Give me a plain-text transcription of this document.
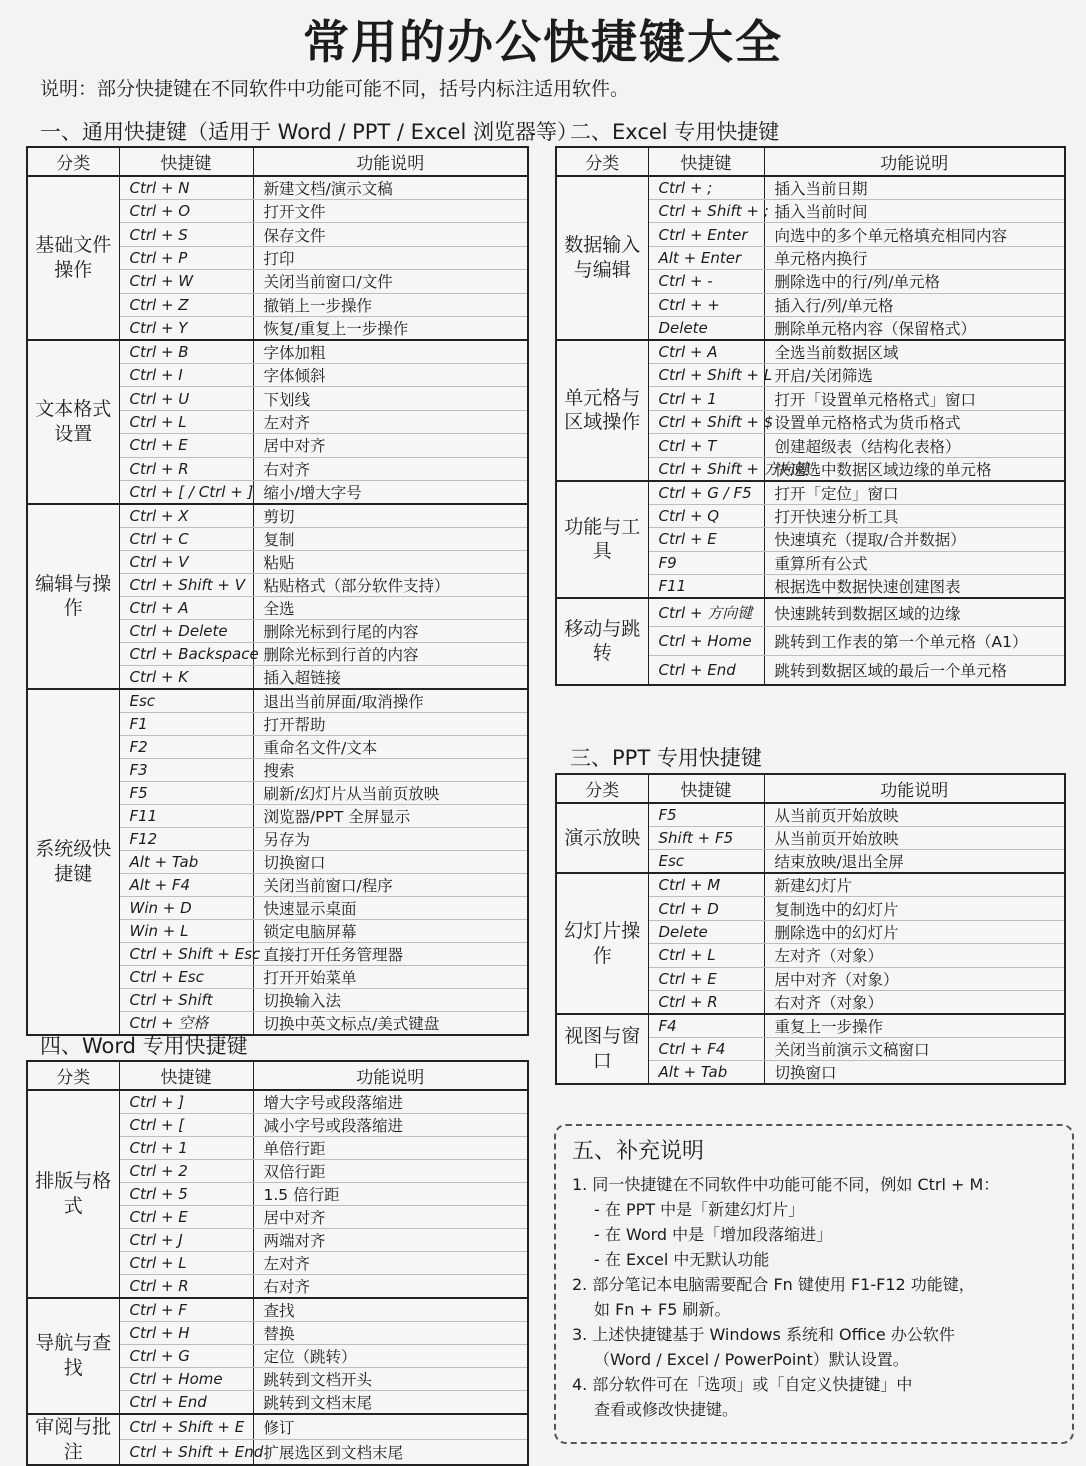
常用的办公快捷键大全
说明：部分快捷键在不同软件中功能可能不同，括号内标注适用软件。
一、通用快捷键（适用于 Word / PPT / Excel 浏览器等）
分类	快捷键	功能说明
基础文件操作	Ctrl + N	新建文档/演示文稿
	Ctrl + O	打开文件
	Ctrl + S	保存文件
	Ctrl + P	打印
	Ctrl + W	关闭当前窗口/文件
	Ctrl + Z	撤销上一步操作
	Ctrl + Y	恢复/重复上一步操作
文本格式设置	Ctrl + B	字体加粗
	Ctrl + I	字体倾斜
	Ctrl + U	下划线
	Ctrl + L	左对齐
	Ctrl + E	居中对齐
	Ctrl + R	右对齐
	Ctrl + [ / Ctrl + ]	缩小/增大字号
编辑与操作	Ctrl + X	剪切
	Ctrl + C	复制
	Ctrl + V	粘贴
	Ctrl + Shift + V	粘贴格式（部分软件支持）
	Ctrl + A	全选
	Ctrl + Delete	删除光标到行尾的内容
	Ctrl + Backspace	删除光标到行首的内容
	Ctrl + K	插入超链接
系统级快捷键	Esc	退出当前屏面/取消操作
	F1	打开帮助
	F2	重命名文件/文本
	F3	搜索
	F5	刷新/幻灯片从当前页放映
	F11	浏览器/PPT 全屏显示
	F12	另存为
	Alt + Tab	切换窗口
	Alt + F4	关闭当前窗口/程序
	Win + D	快速显示桌面
	Win + L	锁定电脑屏幕
	Ctrl + Shift + Esc	直接打开任务管理器
	Ctrl + Esc	打开开始菜单
	Ctrl + Shift	切换输入法
	Ctrl + 空格	切换中英文标点/美式键盘
二、Excel 专用快捷键
分类	快捷键	功能说明
数据输入与编辑	Ctrl + ;	插入当前日期
	Ctrl + Shift + ;	插入当前时间
	Ctrl + Enter	向选中的多个单元格填充相同内容
	Alt + Enter	单元格内换行
	Ctrl + -	删除选中的行/列/单元格
	Ctrl + +	插入行/列/单元格
	Delete	删除单元格内容（保留格式）
单元格与区域操作	Ctrl + A	全选当前数据区域
	Ctrl + Shift + L	开启/关闭筛选
	Ctrl + 1	打开「设置单元格格式」窗口
	Ctrl + Shift + $	设置单元格格式为货币格式
	Ctrl + T	创建超级表（结构化表格）
	Ctrl + Shift + 方向键	快速选中数据区域边缘的单元格
功能与工具	Ctrl + G / F5	打开「定位」窗口
	Ctrl + Q	打开快速分析工具
	Ctrl + E	快速填充（提取/合并数据）
	F9	重算所有公式
	F11	根据选中数据快速创建图表
移动与跳转	Ctrl + 方向键	快速跳转到数据区域的边缘
	Ctrl + Home	跳转到工作表的第一个单元格（A1）
	Ctrl + End	跳转到数据区域的最后一个单元格
三、PPT 专用快捷键
分类	快捷键	功能说明
演示放映	F5	从当前页开始放映
	Shift + F5	从当前页开始放映
	Esc	结束放映/退出全屏
幻灯片操作	Ctrl + M	新建幻灯片
	Ctrl + D	复制选中的幻灯片
	Delete	删除选中的幻灯片
	Ctrl + L	左对齐（对象）
	Ctrl + E	居中对齐（对象）
	Ctrl + R	右对齐（对象）
视图与窗口	F4	重复上一步操作
	Ctrl + F4	关闭当前演示文稿窗口
	Alt + Tab	切换窗口
四、Word 专用快捷键
分类	快捷键	功能说明
排版与格式	Ctrl + ]	增大字号或段落缩进
	Ctrl + [	减小字号或段落缩进
	Ctrl + 1	单倍行距
	Ctrl + 2	双倍行距
	Ctrl + 5	1.5 倍行距
	Ctrl + E	居中对齐
	Ctrl + J	两端对齐
	Ctrl + L	左对齐
	Ctrl + R	右对齐
导航与查找	Ctrl + F	查找
	Ctrl + H	替换
	Ctrl + G	定位（跳转）
	Ctrl + Home	跳转到文档开头
	Ctrl + End	跳转到文档末尾
审阅与批注	Ctrl + Shift + E	修订
	Ctrl + Shift + End	扩展选区到文档末尾
五、补充说明
1. 同一快捷键在不同软件中功能可能不同，例如 Ctrl + M：
- 在 PPT 中是「新建幻灯片」
- 在 Word 中是「增加段落缩进」
- 在 Excel 中无默认功能
2. 部分笔记本电脑需要配合 Fn 键使用 F1-F12 功能键，
如 Fn + F5 刷新。
3. 上述快捷键基于 Windows 系统和 Office 办公软件
（Word / Excel / PowerPoint）默认设置。
4. 部分软件可在「选项」或「自定义快捷键」中
查看或修改快捷键。
